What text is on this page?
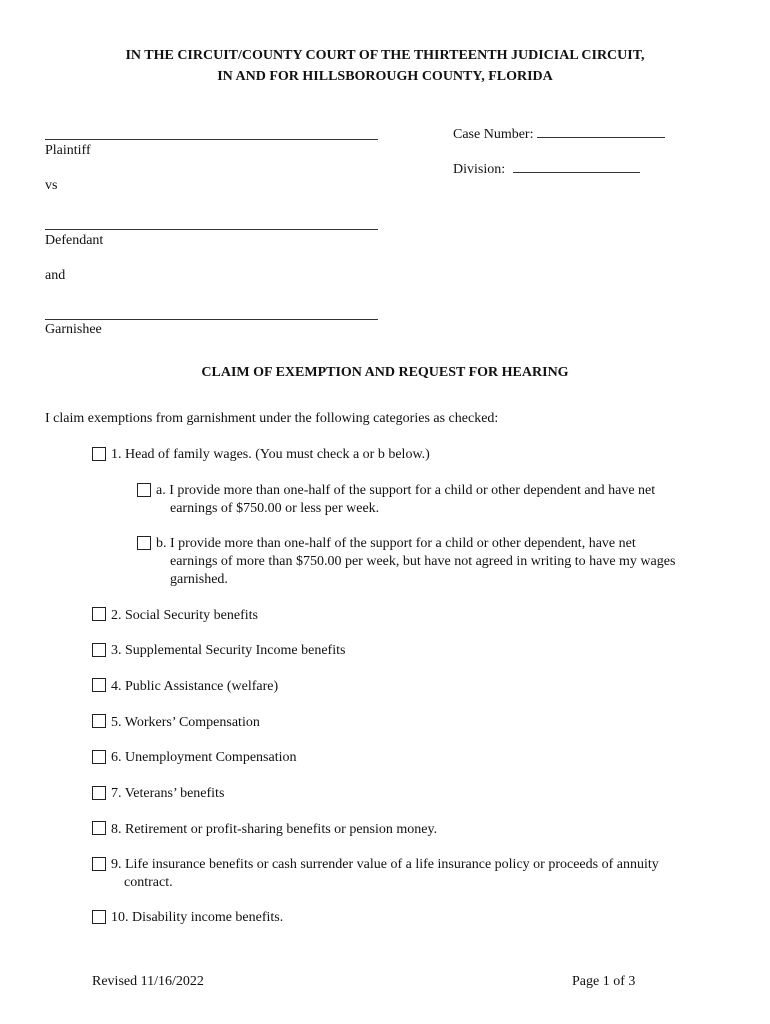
IN THE CIRCUIT/COUNTY COURT OF THE THIRTEENTH JUDICIAL CIRCUIT,
IN AND FOR HILLSBOROUGH COUNTY, FLORIDA
Plaintiff
vs
Defendant
and
Garnishee
Case Number:
Division:
CLAIM OF EXEMPTION AND REQUEST FOR HEARING
I claim exemptions from garnishment under the following categories as checked:
1. Head of family wages. (You must check a or b below.)
a. I provide more than one-half of the support for a child or other dependent and have net
earnings of $750.00 or less per week.
b. I provide more than one-half of the support for a child or other dependent, have net
earnings of more than $750.00 per week, but have not agreed in writing to have my wages
garnished.
2. Social Security benefits
3. Supplemental Security Income benefits
4. Public Assistance (welfare)
5. Workers’ Compensation
6. Unemployment Compensation
7. Veterans’ benefits
8. Retirement or profit-sharing benefits or pension money.
9. Life insurance benefits or cash surrender value of a life insurance policy or proceeds of annuity
contract.
10. Disability income benefits.
Revised 11/16/2022	Page 1 of 3
